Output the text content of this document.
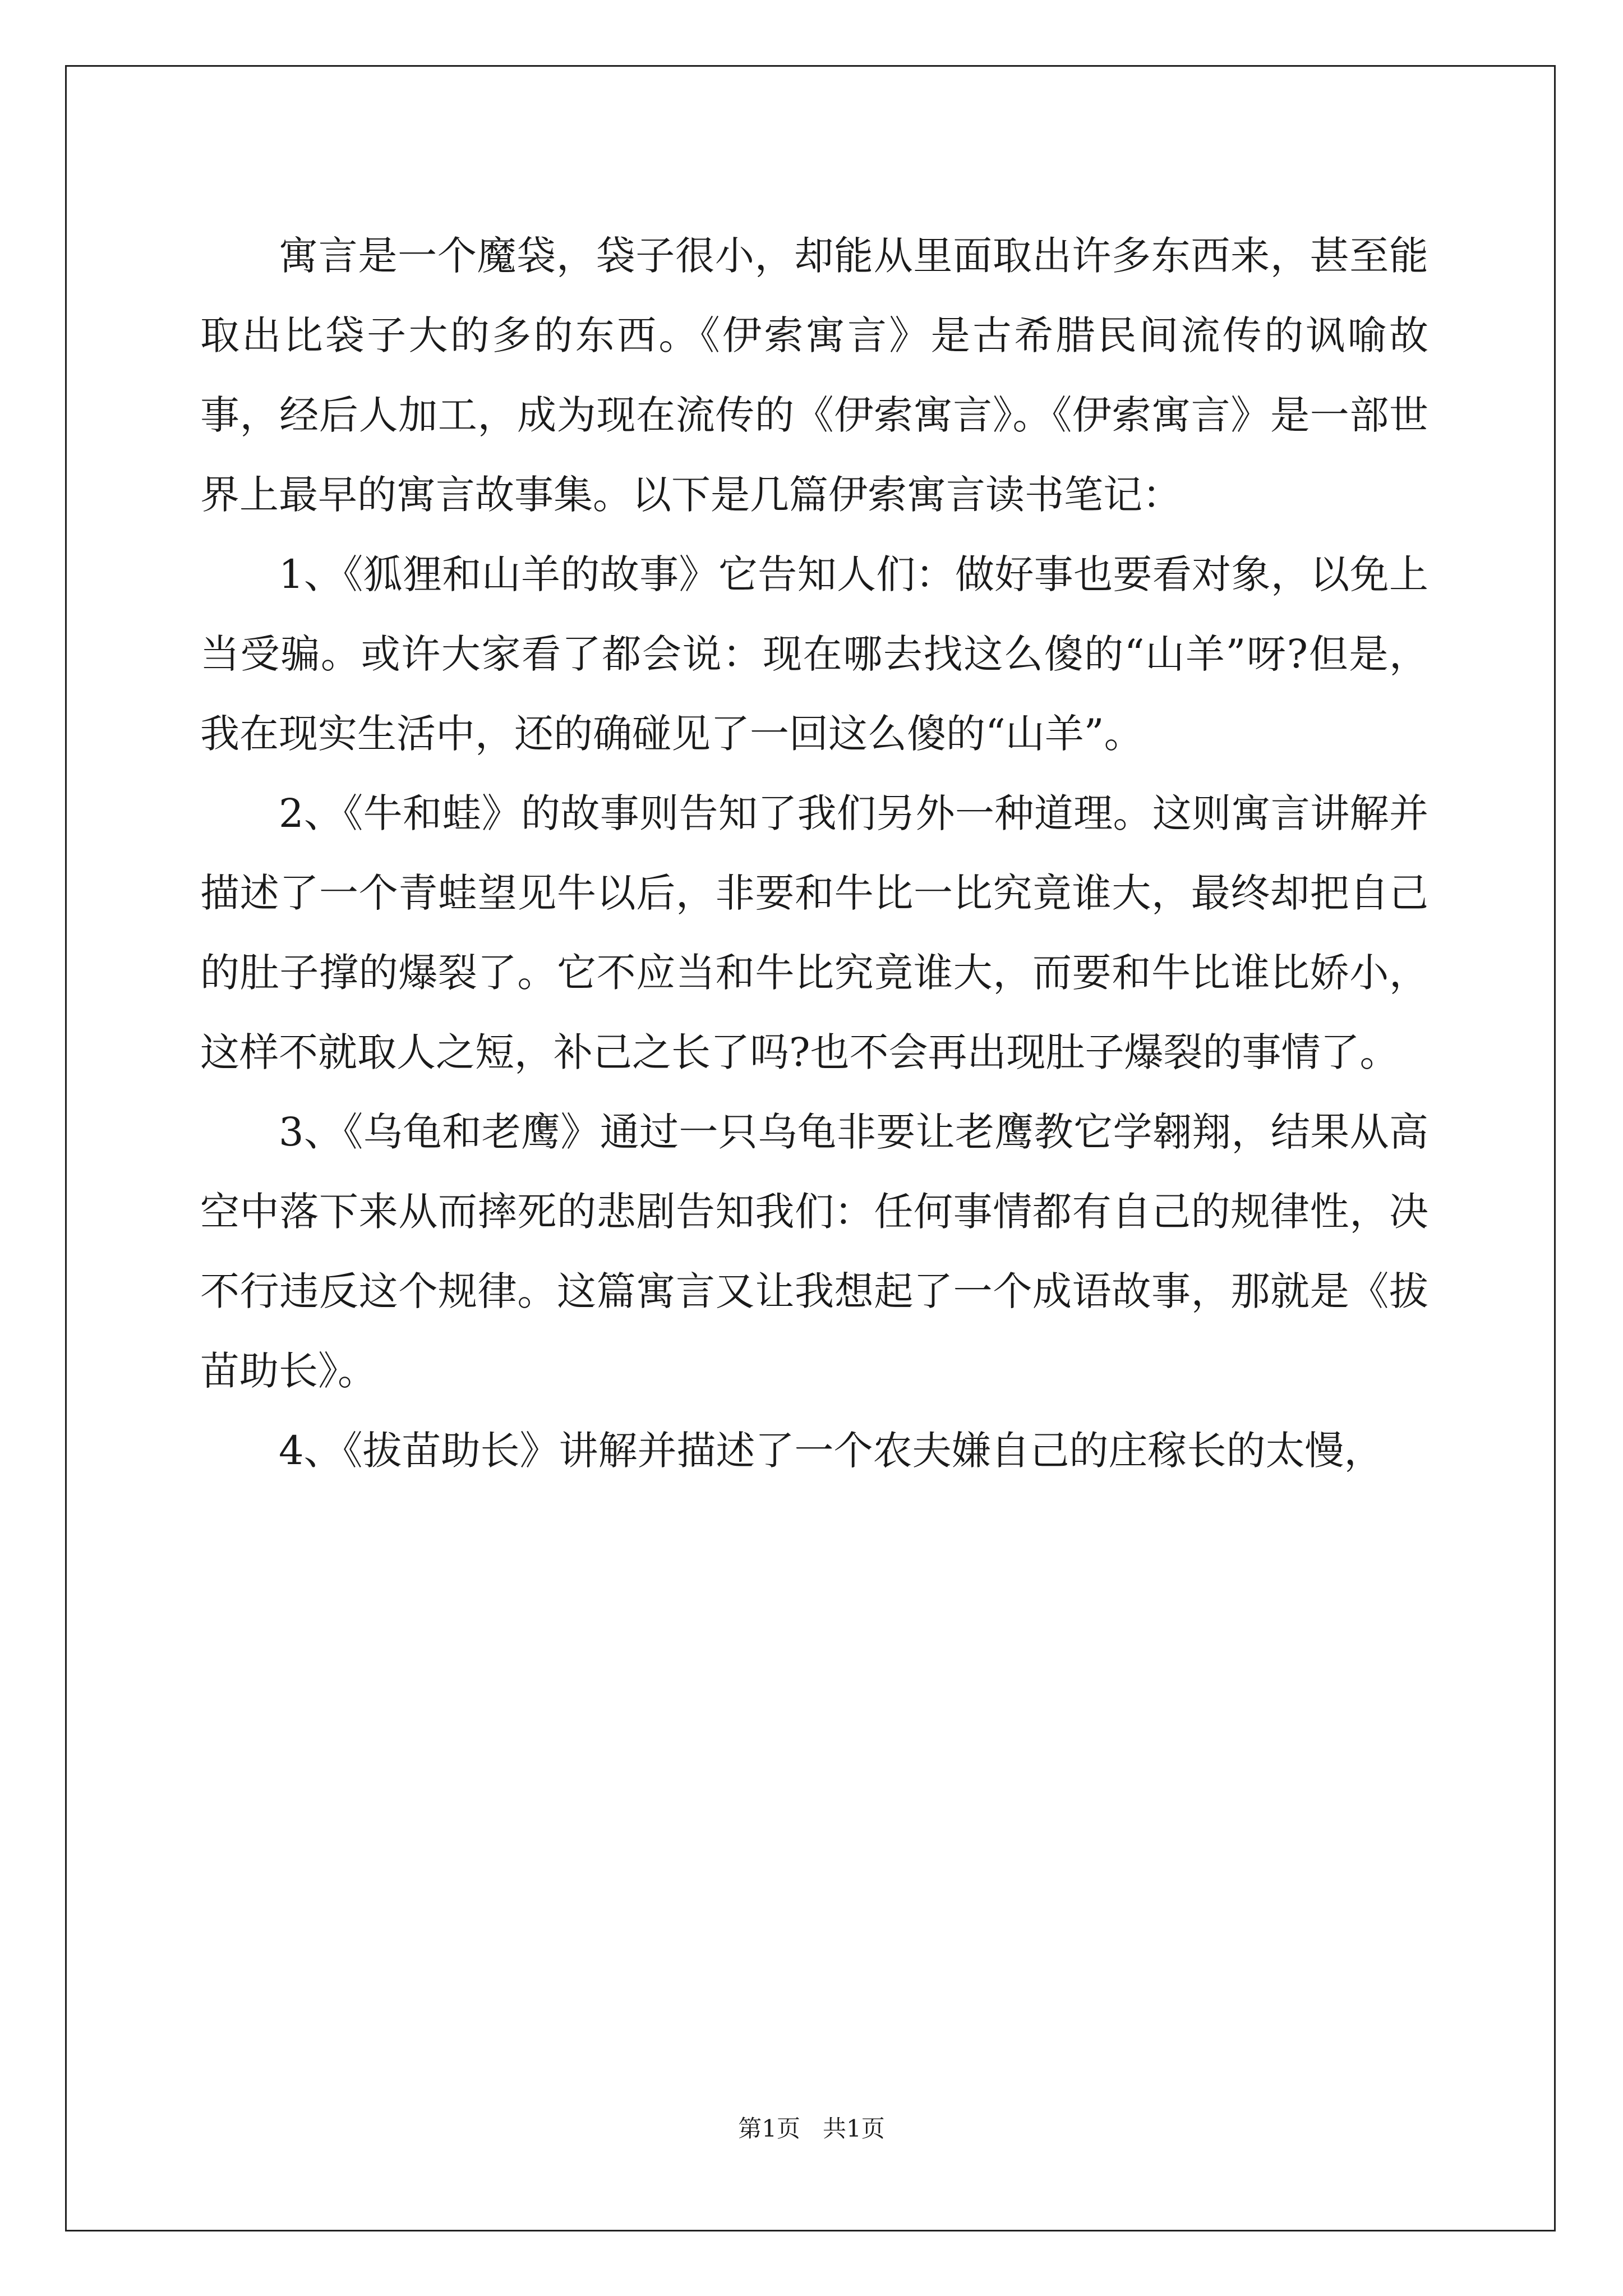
寓言是一个魔袋，袋子很小，却能从里面取出许多东西来，甚至能取出比袋子大的多的东西。《伊索寓言》是古希腊民间流传的讽喻故事，经后人加工，成为现在流传的《伊索寓言》。《伊索寓言》是一部世界上最早的寓言故事集。以下是几篇伊索寓言读书笔记：

1、《狐狸和山羊的故事》它告知人们：做好事也要看对象，以免上当受骗。或许大家看了都会说：现在哪去找这么傻的“山羊”呀?但是，我在现实生活中，还的确碰见了一回这么傻的“山羊”。

2、《牛和蛙》的故事则告知了我们另外一种道理。这则寓言讲解并描述了一个青蛙望见牛以后，非要和牛比一比究竟谁大，最终却把自己的肚子撑的爆裂了。它不应当和牛比究竟谁大，而要和牛比谁比娇小，这样不就取人之短，补己之长了吗?也不会再出现肚子爆裂的事情了。

3、《乌龟和老鹰》通过一只乌龟非要让老鹰教它学翱翔，结果从高空中落下来从而摔死的悲剧告知我们：任何事情都有自己的规律性，决不行违反这个规律。这篇寓言又让我想起了一个成语故事，那就是《拔苗助长》。

4、《拔苗助长》讲解并描述了一个农夫嫌自己的庄稼长的太慢，

第1页   共1页
